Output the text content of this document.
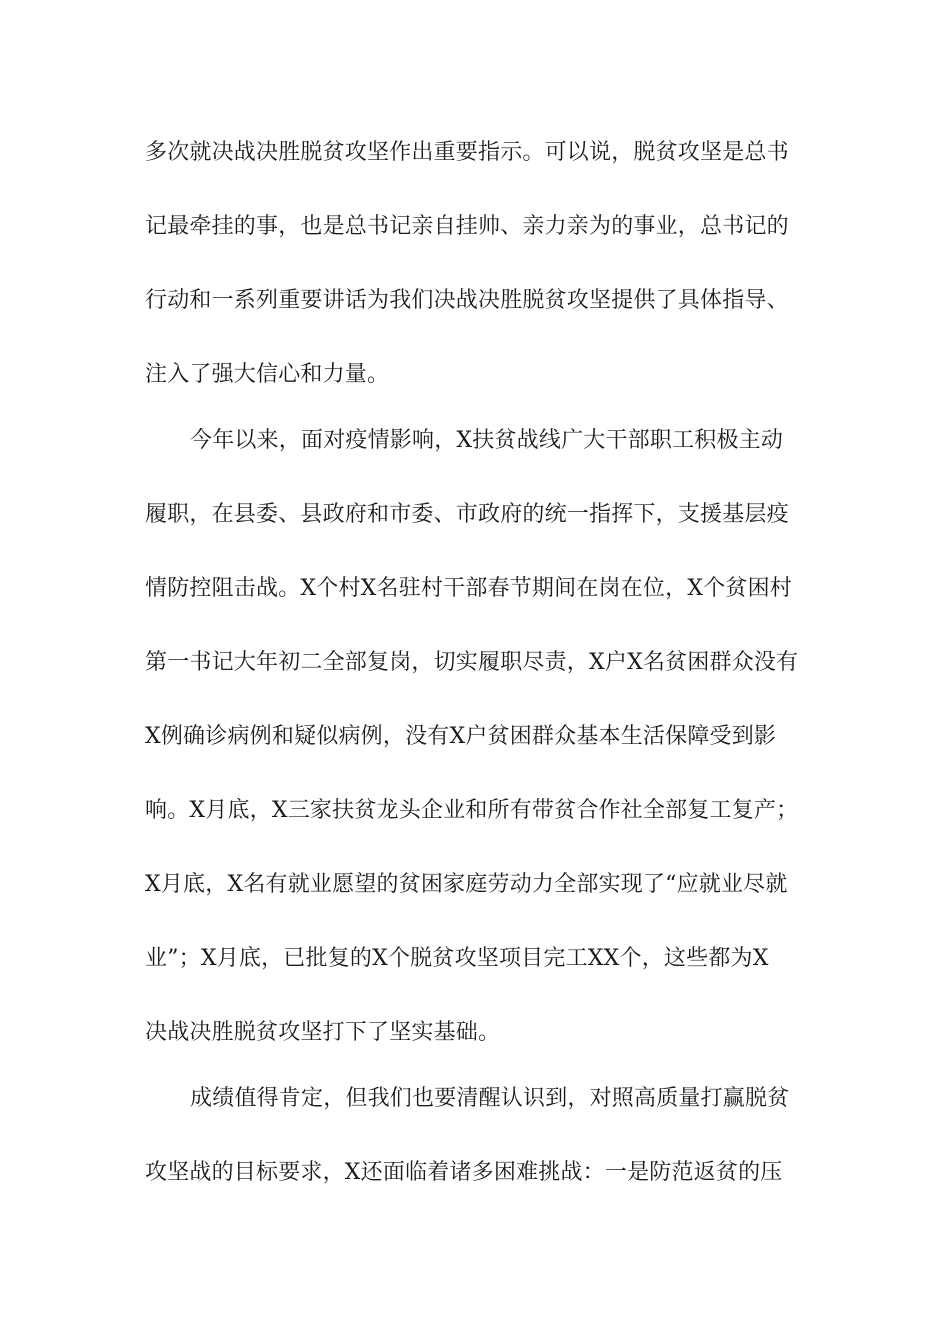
多次就决战决胜脱贫攻坚作出重要指示。可以说，脱贫攻坚是总书
记最牵挂的事，也是总书记亲自挂帅、亲力亲为的事业，总书记的
行动和一系列重要讲话为我们决战决胜脱贫攻坚提供了具体指导、
注入了强大信心和力量。
今年以来，面对疫情影响，X扶贫战线广大干部职工积极主动
履职，在县委、县政府和市委、市政府的统一指挥下，支援基层疫
情防控阻击战。X个村X名驻村干部春节期间在岗在位，X个贫困村
第一书记大年初二全部复岗，切实履职尽责，X户X名贫困群众没有
X例确诊病例和疑似病例，没有X户贫困群众基本生活保障受到影
响。X月底，X三家扶贫龙头企业和所有带贫合作社全部复工复产；
X月底，X名有就业愿望的贫困家庭劳动力全部实现了“应就业尽就
业”；X月底，已批复的X个脱贫攻坚项目完工XX个，这些都为X
决战决胜脱贫攻坚打下了坚实基础。
成绩值得肯定，但我们也要清醒认识到，对照高质量打赢脱贫
攻坚战的目标要求，X还面临着诸多困难挑战：一是防范返贫的压
